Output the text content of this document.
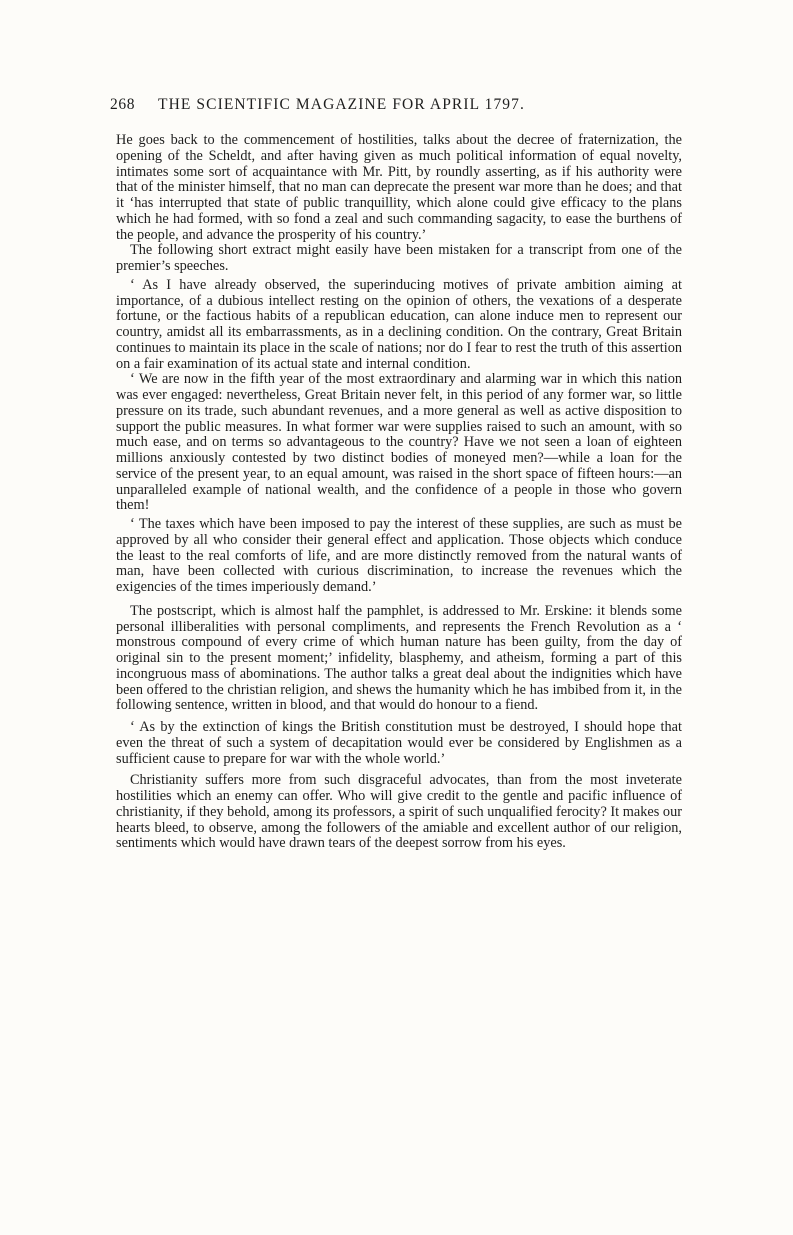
268 THE SCIENTIFIC MAGAZINE FOR APRIL 1797.

He goes back to the commencement of hostilities, talks about the decree of fraternization, the opening of the Scheldt, and after having given as much political information of equal novelty, intimates some sort of acquaintance with Mr. Pitt, by roundly asserting, as if his authority were that of the minister himself, that no man can deprecate the present war more than he does; and that it ‘has interrupted that state of public tranquillity, which alone could give efficacy to the plans which he had formed, with so fond a zeal and such commanding sagacity, to ease the burthens of the people, and advance the prosperity of his country.’

The following short extract might easily have been mistaken for a transcript from one of the premier’s speeches.

‘ As I have already observed, the superinducing motives of private ambition aiming at importance, of a dubious intellect resting on the opinion of others, the vexations of a desperate fortune, or the factious habits of a republican education, can alone induce men to represent our country, amidst all its embarrassments, as in a declining condition. On the contrary, Great Britain continues to maintain its place in the scale of nations; nor do I fear to rest the truth of this assertion on a fair examination of its actual state and internal condition.

‘ We are now in the fifth year of the most extraordinary and alarming war in which this nation was ever engaged: nevertheless, Great Britain never felt, in this period of any former war, so little pressure on its trade, such abundant revenues, and a more general as well as active disposition to support the public measures. In what former war were supplies raised to such an amount, with so much ease, and on terms so advantageous to the country? Have we not seen a loan of eighteen millions anxiously contested by two distinct bodies of moneyed men?—while a loan for the service of the present year, to an equal amount, was raised in the short space of fifteen hours:—an unparalleled example of national wealth, and the confidence of a people in those who govern them!

‘ The taxes which have been imposed to pay the interest of these supplies, are such as must be approved by all who consider their general effect and application. Those objects which conduce the least to the real comforts of life, and are more distinctly removed from the natural wants of man, have been collected with curious discrimination, to increase the revenues which the exigencies of the times imperiously demand.’

The postscript, which is almost half the pamphlet, is addressed to Mr. Erskine: it blends some personal illiberalities with personal compliments, and represents the French Revolution as a ‘ monstrous compound of every crime of which human nature has been guilty, from the day of original sin to the present moment;’ infidelity, blasphemy, and atheism, forming a part of this incongruous mass of abominations. The author talks a great deal about the indignities which have been offered to the christian religion, and shews the humanity which he has imbibed from it, in the following sentence, written in blood, and that would do honour to a fiend.

‘ As by the extinction of kings the British constitution must be destroyed, I should hope that even the threat of such a system of decapitation would ever be considered by Englishmen as a sufficient cause to prepare for war with the whole world.’

Christianity suffers more from such disgraceful advocates, than from the most inveterate hostilities which an enemy can offer. Who will give credit to the gentle and pacific influence of christianity, if they behold, among its professors, a spirit of such unqualified ferocity? It makes our hearts bleed, to observe, among the followers of the amiable and excellent author of our religion, sentiments which would have drawn tears of the deepest sorrow from his eyes.
